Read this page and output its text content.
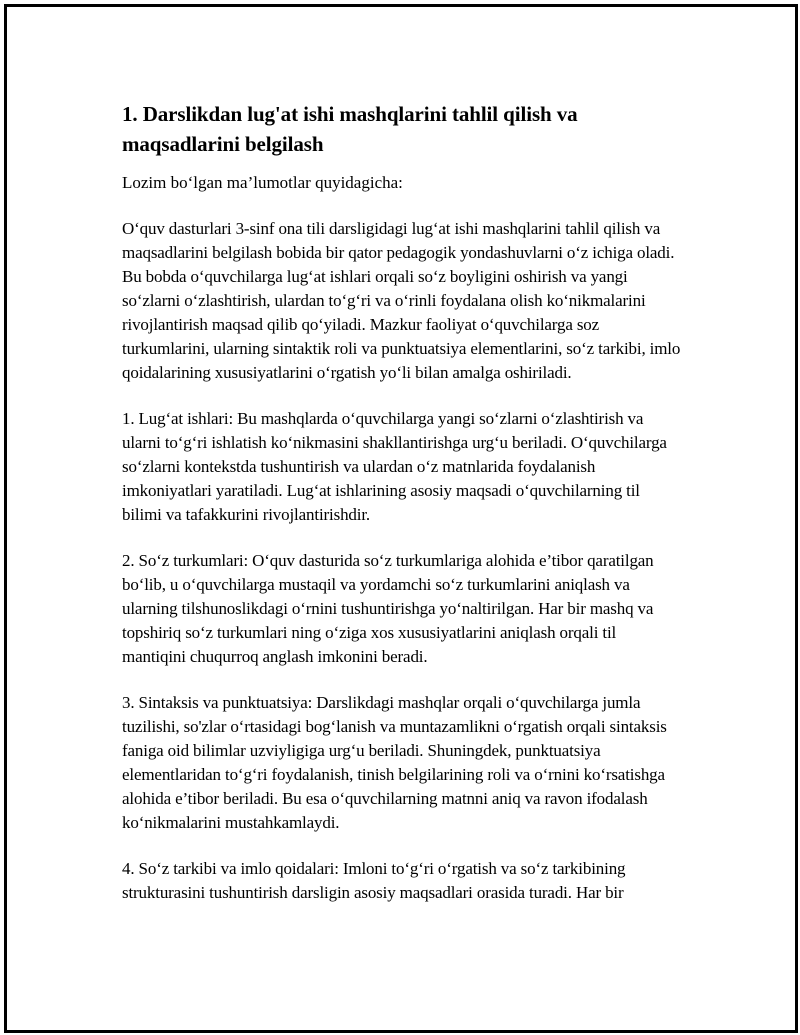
1. Darslikdan lug'at ishi mashqlarini tahlil qilish va maqsadlarini belgilash

Lozim bo‘lgan ma’lumotlar quyidagicha:

O‘quv dasturlari 3-sinf ona tili darsligidagi lug‘at ishi mashqlarini tahlil qilish va maqsadlarini belgilash bobida bir qator pedagogik yondashuvlarni o‘z ichiga oladi. Bu bobda o‘quvchilarga lug‘at ishlari orqali so‘z boyligini oshirish va yangi so‘zlarni o‘zlashtirish, ulardan to‘g‘ri va o‘rinli foydalana olish ko‘nikmalarini rivojlantirish maqsad qilib qo‘yiladi. Mazkur faoliyat o‘quvchilarga soz turkumlarini, ularning sintaktik roli va punktuatsiya elementlarini, so‘z tarkibi, imlo qoidalarining xususiyatlarini o‘rgatish yo‘li bilan amalga oshiriladi.

1. Lug‘at ishlari: Bu mashqlarda o‘quvchilarga yangi so‘zlarni o‘zlashtirish va ularni to‘g‘ri ishlatish ko‘nikmasini shakllantirishga urg‘u beriladi. O‘quvchilarga so‘zlarni kontekstda tushuntirish va ulardan o‘z matnlarida foydalanish imkoniyatlari yaratiladi. Lug‘at ishlarining asosiy maqsadi o‘quvchilarning til bilimi va tafakkurini rivojlantirishdir.

2. So‘z turkumlari: O‘quv dasturida so‘z turkumlariga alohida e’tibor qaratilgan bo‘lib, u o‘quvchilarga mustaqil va yordamchi so‘z turkumlarini aniqlash va ularning tilshunoslikdagi o‘rnini tushuntirishga yo‘naltirilgan. Har bir mashq va topshiriq so‘z turkumlari ning o‘ziga xos xususiyatlarini aniqlash orqali til mantiqini chuqurroq anglash imkonini beradi.

3. Sintaksis va punktuatsiya: Darslikdagi mashqlar orqali o‘quvchilarga jumla tuzilishi, so'zlar o‘rtasidagi bog‘lanish va muntazamlikni o‘rgatish orqali sintaksis faniga oid bilimlar uzviyligiga urg‘u beriladi. Shuningdek, punktuatsiya elementlaridan to‘g‘ri foydalanish, tinish belgilarining roli va o‘rnini ko‘rsatishga alohida e’tibor beriladi. Bu esa o‘quvchilarning matnni aniq va ravon ifodalash ko‘nikmalarini mustahkamlaydi.

4. So‘z tarkibi va imlo qoidalari: Imloni to‘g‘ri o‘rgatish va so‘z tarkibining strukturasini tushuntirish darsligin asosiy maqsadlari orasida turadi. Har bir
